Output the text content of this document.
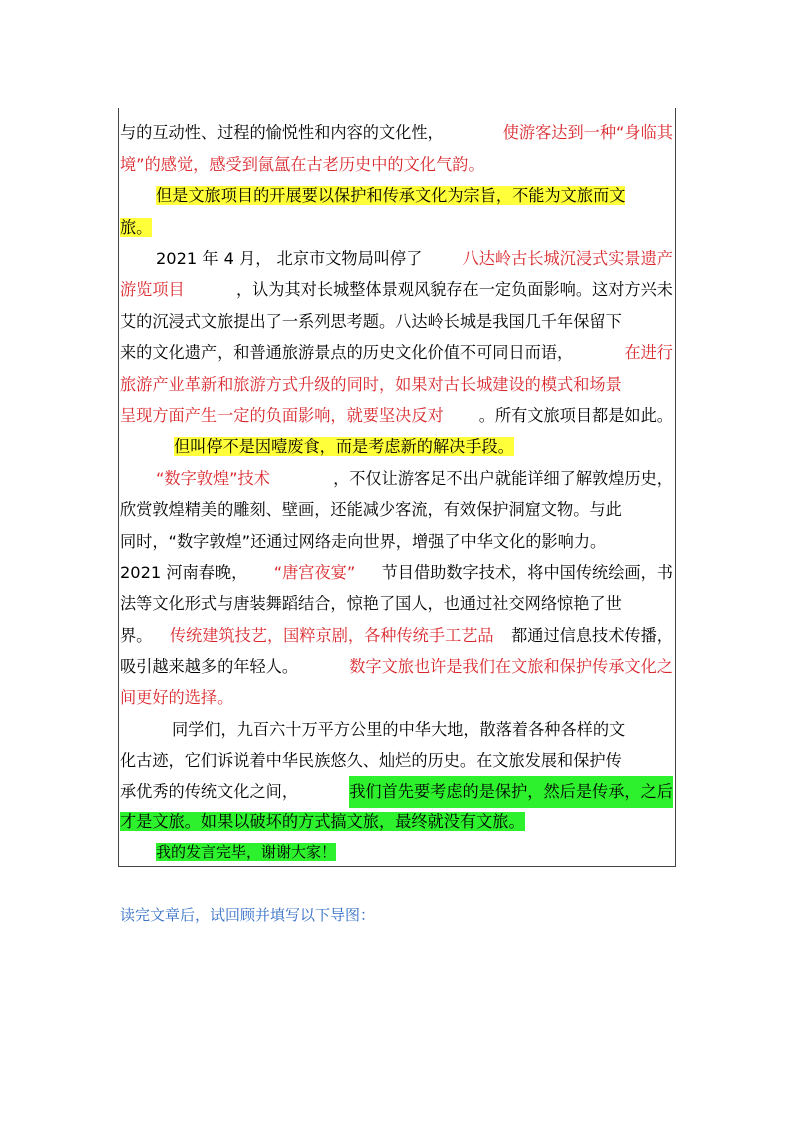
与的互动性、过程的愉悦性和内容的文化性，	使游客达到一种“身临其
境”的感觉，感受到氤氲在古老历史中的文化气韵。
但是文旅项目的开展要以保护和传承文化为宗旨，不能为文旅而文
旅。
2021 年 4 月， 北京市文物局叫停了 八达岭古长城沉浸式实景遗产
游览项目	，认为其对长城整体景观风貌存在一定负面影响。这对方兴未
艾的沉浸式文旅提出了一系列思考题。八达岭长城是我国几千年保留下
来的文化遗产，和普通旅游景点的历史文化价值不可同日而语，	在进行
旅游产业革新和旅游方式升级的同时，如果对古长城建设的模式和场景
呈现方面产生一定的负面影响，就要坚决反对 。所有文旅项目都是如此。
但叫停不是因噎废食，而是考虑新的解决手段。
“数字敦煌”技术	，不仅让游客足不出户就能详细了解敦煌历史，
欣赏敦煌精美的雕刻、壁画，还能减少客流，有效保护洞窟文物。与此
同时，“数字敦煌”还通过网络走向世界，增强了中华文化的影响力。
2021 河南春晚， “唐宫夜宴” 节目借助数字技术，将中国传统绘画，书
法等文化形式与唐装舞蹈结合，惊艳了国人，也通过社交网络惊艳了世
界。 传统建筑技艺，国粹京剧，各种传统手工艺品 都通过信息技术传播，
吸引越来越多的年轻人。	数字文旅也许是我们在文旅和保护传承文化之
间更好的选择。
同学们，九百六十万平方公里的中华大地，散落着各种各样的文
化古迹，它们诉说着中华民族悠久、灿烂的历史。在文旅发展和保护传
承优秀的传统文化之间，	我们首先要考虑的是保护，然后是传承，之后
才是文旅。如果以破坏的方式搞文旅，最终就没有文旅。
我的发言完毕，谢谢大家！
读完文章后，试回顾并填写以下导图：
